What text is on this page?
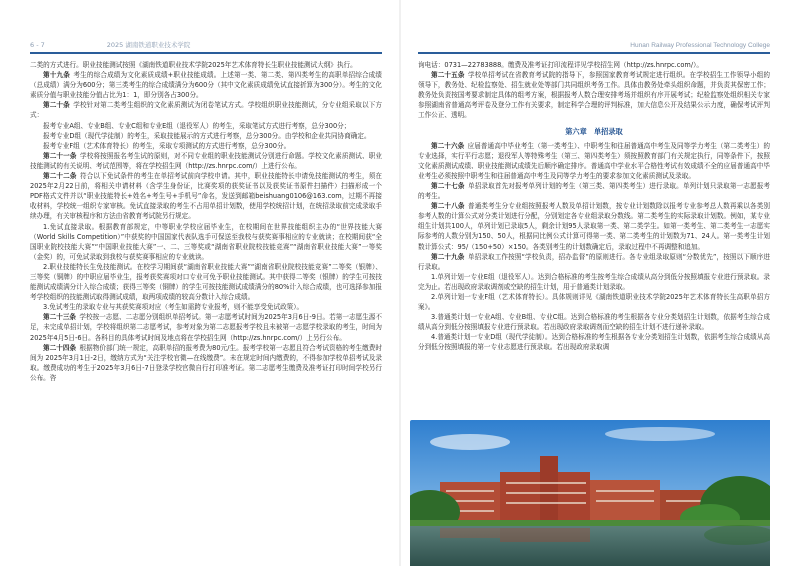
6 - 7	2025 湖南铁道职业技术学院

二类的方式进行。职业技能测试按照《湖南铁道职业技术学院2025年艺术体育特长生职业技能测试大纲》执行。

第十九条  考生的综合成绩为文化素质成绩+职业技能成绩。上述第一类、第二类、第四类考生的高职单招综合成绩（总成绩）满分为600分；第三类考生的综合成绩满分为600分（其中文化素质成绩免试直接折算为300分）。考生的文化素质分值与职业技能分值占比为1：1，即分别各占300分。

第二十条  学校针对第二类考生组织的文化素质测试为闭卷笔试方式。学校组织职业技能测试，分专业组采取以下方式：

报考专业A组、专业B组、专业C组和专业E组（退役军人）的考生，采取笔试方式进行考察，总分300分；

报考专业D组（现代学徒制）的考生，采取技能展示的方式进行考察，总分300分。由学校和企业共同协商确定。

报考专业F组（艺术体育特长）的考生，采取专项测试的方式进行考察，总分300分。

第二十一条  学校将按照报名考生试的原则，对不同专业组的职业技能测试分别进行命题。学校文化素质测试、职业技能测试的有关说明、考试范围等，将在学校招生网（http://zs.hnrpc.com/）上进行公布。

第二十二条  符合以下免试条件的考生在单招考试前向学校申请。其中，职业技能特长申请免技能测试的考生，须在2025年2月22日前，将相关申请材料（含学生身份证，比赛奖项的获奖证书以及获奖证书原件扫描件）扫描形成一个PDF格式文件并以“职业技能特长+姓名+考生号+手机号”命名，发送到邮箱beishuang0106@163.com，过期不再接收材料，学校统一组织专家审核。免试直接录取的考生不占用单招计划数，使用学校统招计划，在统招录取前完成录取手续办理，有关审核程序和方法由省教育考试院另行规定。

1.免试直接录取。根据教育部规定，中等职业学校应届毕业生，在校期间在世界技能组织主办的“世界技能大赛（World Skills Competition）”中获奖的中国国家代表队选手可保送至我校与获奖赛事相应的专业就读；在校期间获“全国职业院校技能大赛”“中国职业技能大赛”一、二、三等奖或“湖南省职业院校技能竞赛”“湖南省职业技能大赛”一等奖（金奖）的，可免试录取到我校与获奖赛事相应的专业就读。

2.职业技能特长生免技能测试。在校学习期间获“湖南省职业技能大赛”“湖南省职业院校技能竞赛”二等奖（银牌）、三等奖（铜牌）的中职应届毕业生，报考获奖赛项对口专业可免予职业技能测试。其中获得二等奖（银牌）的学生可按技能测试成绩满分计入综合成绩；获得三等奖（铜牌）的学生可按技能测试成绩满分的80%计入综合成绩，也可选择参加报考学校组织的技能测试取得测试成绩，取两项成绩的较高分数计入综合成绩。

3.免试考生的录取专业与其获奖赛项对应（考生如需跨专业报考，则不能享受免试政策）。

第二十三条  学校按一志愿、二志愿分别组织单招考试。第一志愿考试时间为2025年3月6日-9日。若第一志愿生源不足，未完成单招计划，学校将组织第二志愿考试，参考对象为第二志愿报考学校且未被第一志愿学校录取的考生，时间为2025年4月5日-6日。各科目的具体考试时间及地点将在学校招生网（http://zs.hnrpc.com/）上另行公布。

第二十四条  根据物价部门统一规定，高职单招的报考费为80元/生。报考学校第一志愿且符合考试资格的考生缴费时间为 2025年3月1日-2日，缴纳方式为“关注学校官微—在线缴费”。未在规定时间内缴费的，不得参加学校单招考试及录取。缴费成功的考生于2025年3月6日-7日登录学校官微自行打印准考证。第二志愿考生缴费及准考证打印时间学校另行公布。咨

Hunan Railway Professional Technology College

询电话：0731—22783888。缴费及准考证打印流程详见学校招生网（http://zs.hnrpc.com/）。

第二十五条  学校单招考试在省教育考试院的指导下，参照国家教育考试规定进行组织。在学校招生工作领导小组的领导下，教务处、纪检监察处、招生就业处等部门共同组织考务工作。具体由教务处牵头组织命题，并负责其保密工作；教务处负责按国考要求制定具体的组考方案，根据报考人数合理安排考场并组织有序开展考试；纪检监察处组织相关专家参照湖南省普通高考评卷及登分工作有关要求，制定科学合理的评判标准，加大信息公开及结果公示力度，确保考试评判工作公正、透明。

第六章　单招录取

第二十六条  应届普通高中毕业考生（第一类考生）、中职考生和往届普通高中考生及同等学力考生（第二类考生）的专业选择，实行平行志愿；退役军人等特殊考生（第三、第四类考生）须按照教育部门有关规定执行，同等条件下，按照文化素质测试成绩、职业技能测试成绩先后顺序确定排序。普通高中学业水平合格性考试有效成绩不全的应届普通高中毕业考生必须按照中职考生和往届普通高中考生及同等学力考生的要求参加文化素质测试及录取。

第二十七条  单招录取首先对报考单列计划的考生（第三类、第四类考生）进行录取。单列计划只录取第一志愿报考的考生。

第二十八条  普通类考生分专业组按照报考人数及单招计划数，按专业计划数除以报考专业参考总人数再乘以各类别参考人数的计算公式对分类计划进行分配，分别划定各专业组录取分数线。第二类考生的实际录取计划数。例如，某专业组生计划共100人，单列计划已录取5人，剩余计划95人录取第一类、第二类学生。如第一类考生、第二类考生一志愿实际参考的人数分别为150、50人，根据同比例公式计算可得第一类、第二类考生的计划数为71、24人。第一类考生计划数计算公式：95/（150+50）×150。各类别考生的计划数确定后，录取过程中不再调整和追加。

第二十九条  单招录取工作按照“学校负责，招办监督”的原则进行。各专业组录取原则“分数优先”，按照以下顺序进行录取。

1.单列计划一专业E组（退役军人）。达到合格标准的考生按考生综合成绩从高分到低分按照填报专业进行预录取。录完为止。若出现政府录取调剂或空缺的招生计划，用于普通类计划录取。

2.单列计划一专业F组（艺术体育特长）。具体规则详见《湖南铁道职业技术学院2025年艺术体育特长生高职单招方案》。

3.普通类计划一专业A组、专业B组、专业C组。达到合格标准的考生根据各专业分类划招生计划数，依据考生综合成绩从高分到低分按照填报专业进行预录取。若出现政府录取调剂而空缺的招生计划不进行递补录取。

4.普通类计划一专业D组（现代学徒制）。达到合格标准的考生根据各专业分类划招生计划数，依据考生综合成绩从高分到低分按照填报的第一专业志愿进行预录取。若出现政府录取调
